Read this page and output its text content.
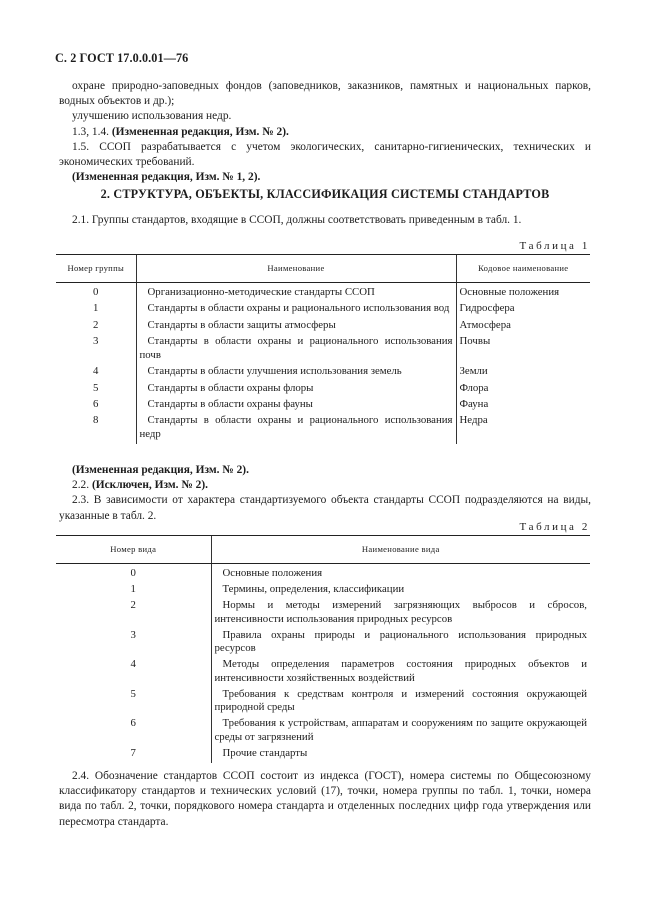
С. 2 ГОСТ 17.0.0.01—76

охране природно-заповедных фондов (заповедников, заказников, памятных и национальных парков, водных объектов и др.);

улучшению использования недр.

1.3, 1.4. (Измененная редакция, Изм. № 2).

1.5. ССОП разрабатывается с учетом экологических, санитарно-гигиенических, технических и экономических требований.

(Измененная редакция, Изм. № 1, 2).

2. СТРУКТУРА, ОБЪЕКТЫ, КЛАССИФИКАЦИЯ СИСТЕМЫ СТАНДАРТОВ

2.1. Группы стандартов, входящие в ССОП, должны соответствовать приведенным в табл. 1.

Таблица 1
Номер группы	Наименование	Кодовое наименование
0	Организационно-методические стандарты ССОП	Основные положения
1	Стандарты в области охраны и рационального использования вод	Гидросфера
2	Стандарты в области защиты атмосферы	Атмосфера
3	Стандарты в области охраны и рационального использования почв	Почвы
4	Стандарты в области улучшения использования земель	Земли
5	Стандарты в области охраны флоры	Флора
6	Стандарты в области охраны фауны	Фауна
8	Стандарты в области охраны и рационального использования недр	Недра

(Измененная редакция, Изм. № 2).

2.2. (Исключен, Изм. № 2).

2.3. В зависимости от характера стандартизуемого объекта стандарты ССОП подразделяются на виды, указанные в табл. 2.

Таблица 2
Номер вида	Наименование вида
0	Основные положения
1	Термины, определения, классификации
2	Нормы и методы измерений загрязняющих выбросов и сбросов, интенсивности использования природных ресурсов
3	Правила охраны природы и рационального использования природных ресурсов
4	Методы определения параметров состояния природных объектов и интенсивности хозяйственных воздействий
5	Требования к средствам контроля и измерений состояния окружающей природной среды
6	Требования к устройствам, аппаратам и сооружениям по защите окружающей среды от загрязнений
7	Прочие стандарты

2.4. Обозначение стандартов ССОП состоит из индекса (ГОСТ), номера системы по Общесоюзному классификатору стандартов и технических условий (17), точки, номера группы по табл. 1, точки, номера вида по табл. 2, точки, порядкового номера стандарта и отделенных последних цифр года утверждения или пересмотра стандарта.
